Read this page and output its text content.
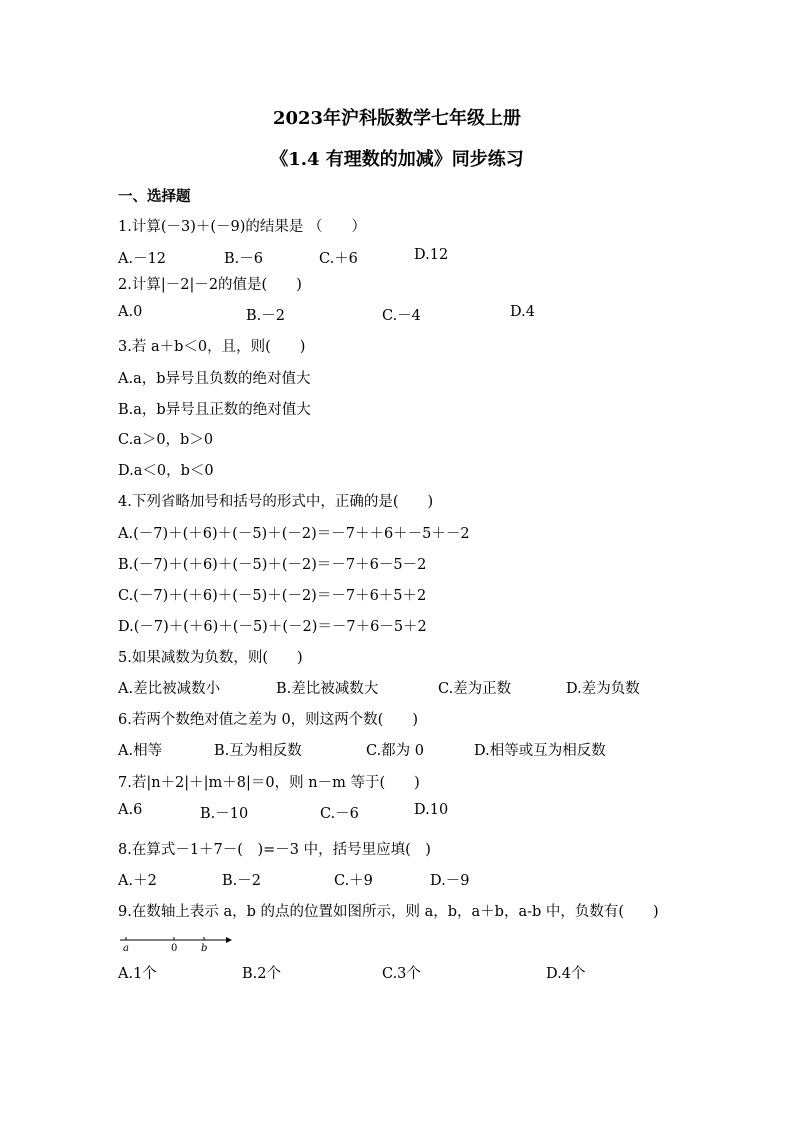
2023年沪科版数学七年级上册
《1.4 有理数的加减》同步练习
一、选择题
1.计算(－3)＋(－9)的结果是 （　　）
A.－12	B.－6	C.＋6	D.12
2.计算|－2|－2的值是(　　)
A.0	B.－2	C.－4	D.4
3.若 a＋b＜0，且，则(　　)
A.a，b异号且负数的绝对值大
B.a，b异号且正数的绝对值大
C.a＞0，b＞0
D.a＜0，b＜0
4.下列省略加号和括号的形式中，正确的是(　　)
A.(－7)＋(＋6)＋(－5)＋(－2)＝－7＋＋6＋－5＋－2
B.(－7)＋(＋6)＋(－5)＋(－2)＝－7＋6－5－2
C.(－7)＋(＋6)＋(－5)＋(－2)＝－7＋6＋5＋2
D.(－7)＋(＋6)＋(－5)＋(－2)＝－7＋6－5＋2
5.如果减数为负数，则(　　)
A.差比被减数小	B.差比被减数大	C.差为正数	D.差为负数
6.若两个数绝对值之差为 0，则这两个数(　　)
A.相等	B.互为相反数	C.都为 0	D.相等或互为相反数
7.若|n＋2|＋|m＋8|＝0，则 n－m 等于(　　)
A.6	B.－10	C.－6	D.10
8.在算式－1＋7－(　)=－3 中，括号里应填(　)
A.＋2	B.－2	C.＋9	D.－9
9.在数轴上表示 a，b 的点的位置如图所示，则 a，b，a＋b，a-b 中，负数有(　　)
a	0 b
A.1个	B.2个	C.3个	D.4个
